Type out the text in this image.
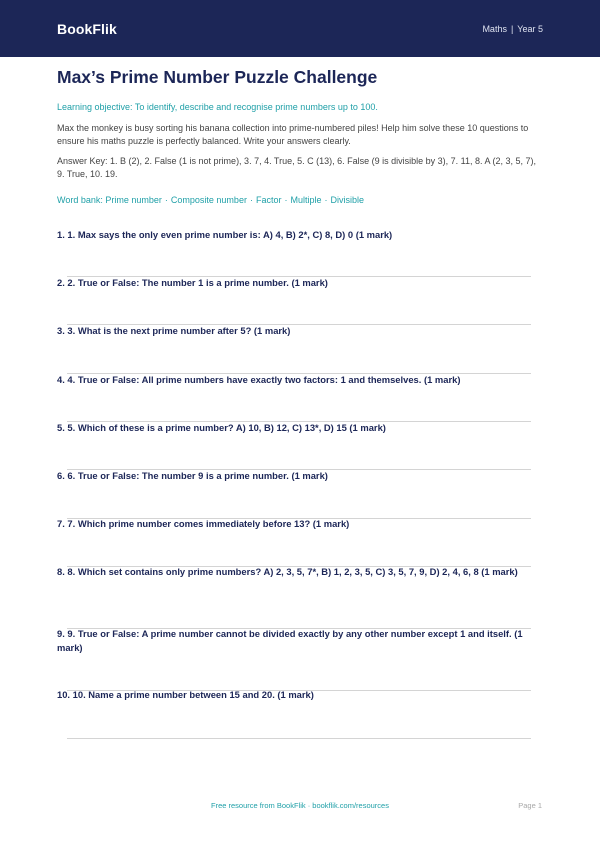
BookFlik	Maths | Year 5
Max’s Prime Number Puzzle Challenge
Learning objective: To identify, describe and recognise prime numbers up to 100.
Max the monkey is busy sorting his banana collection into prime-numbered piles! Help him solve these 10 questions to ensure his maths puzzle is perfectly balanced. Write your answers clearly.
Answer Key: 1. B (2), 2. False (1 is not prime), 3. 7, 4. True, 5. C (13), 6. False (9 is divisible by 3), 7. 11, 8. A (2, 3, 5, 7), 9. True, 10. 19.
Word bank: Prime number · Composite number · Factor · Multiple · Divisible
1. 1. Max says the only even prime number is: A) 4, B) 2*, C) 8, D) 0 (1 mark)
2. 2. True or False: The number 1 is a prime number. (1 mark)
3. 3. What is the next prime number after 5? (1 mark)
4. 4. True or False: All prime numbers have exactly two factors: 1 and themselves. (1 mark)
5. 5. Which of these is a prime number? A) 10, B) 12, C) 13*, D) 15 (1 mark)
6. 6. True or False: The number 9 is a prime number. (1 mark)
7. 7. Which prime number comes immediately before 13? (1 mark)
8. 8. Which set contains only prime numbers? A) 2, 3, 5, 7*, B) 1, 2, 3, 5, C) 3, 5, 7, 9, D) 2, 4, 6, 8 (1 mark)
9. 9. True or False: A prime number cannot be divided exactly by any other number except 1 and itself. (1 mark)
10. 10. Name a prime number between 15 and 20. (1 mark)
Free resource from BookFlik · bookflik.com/resources	Page 1
